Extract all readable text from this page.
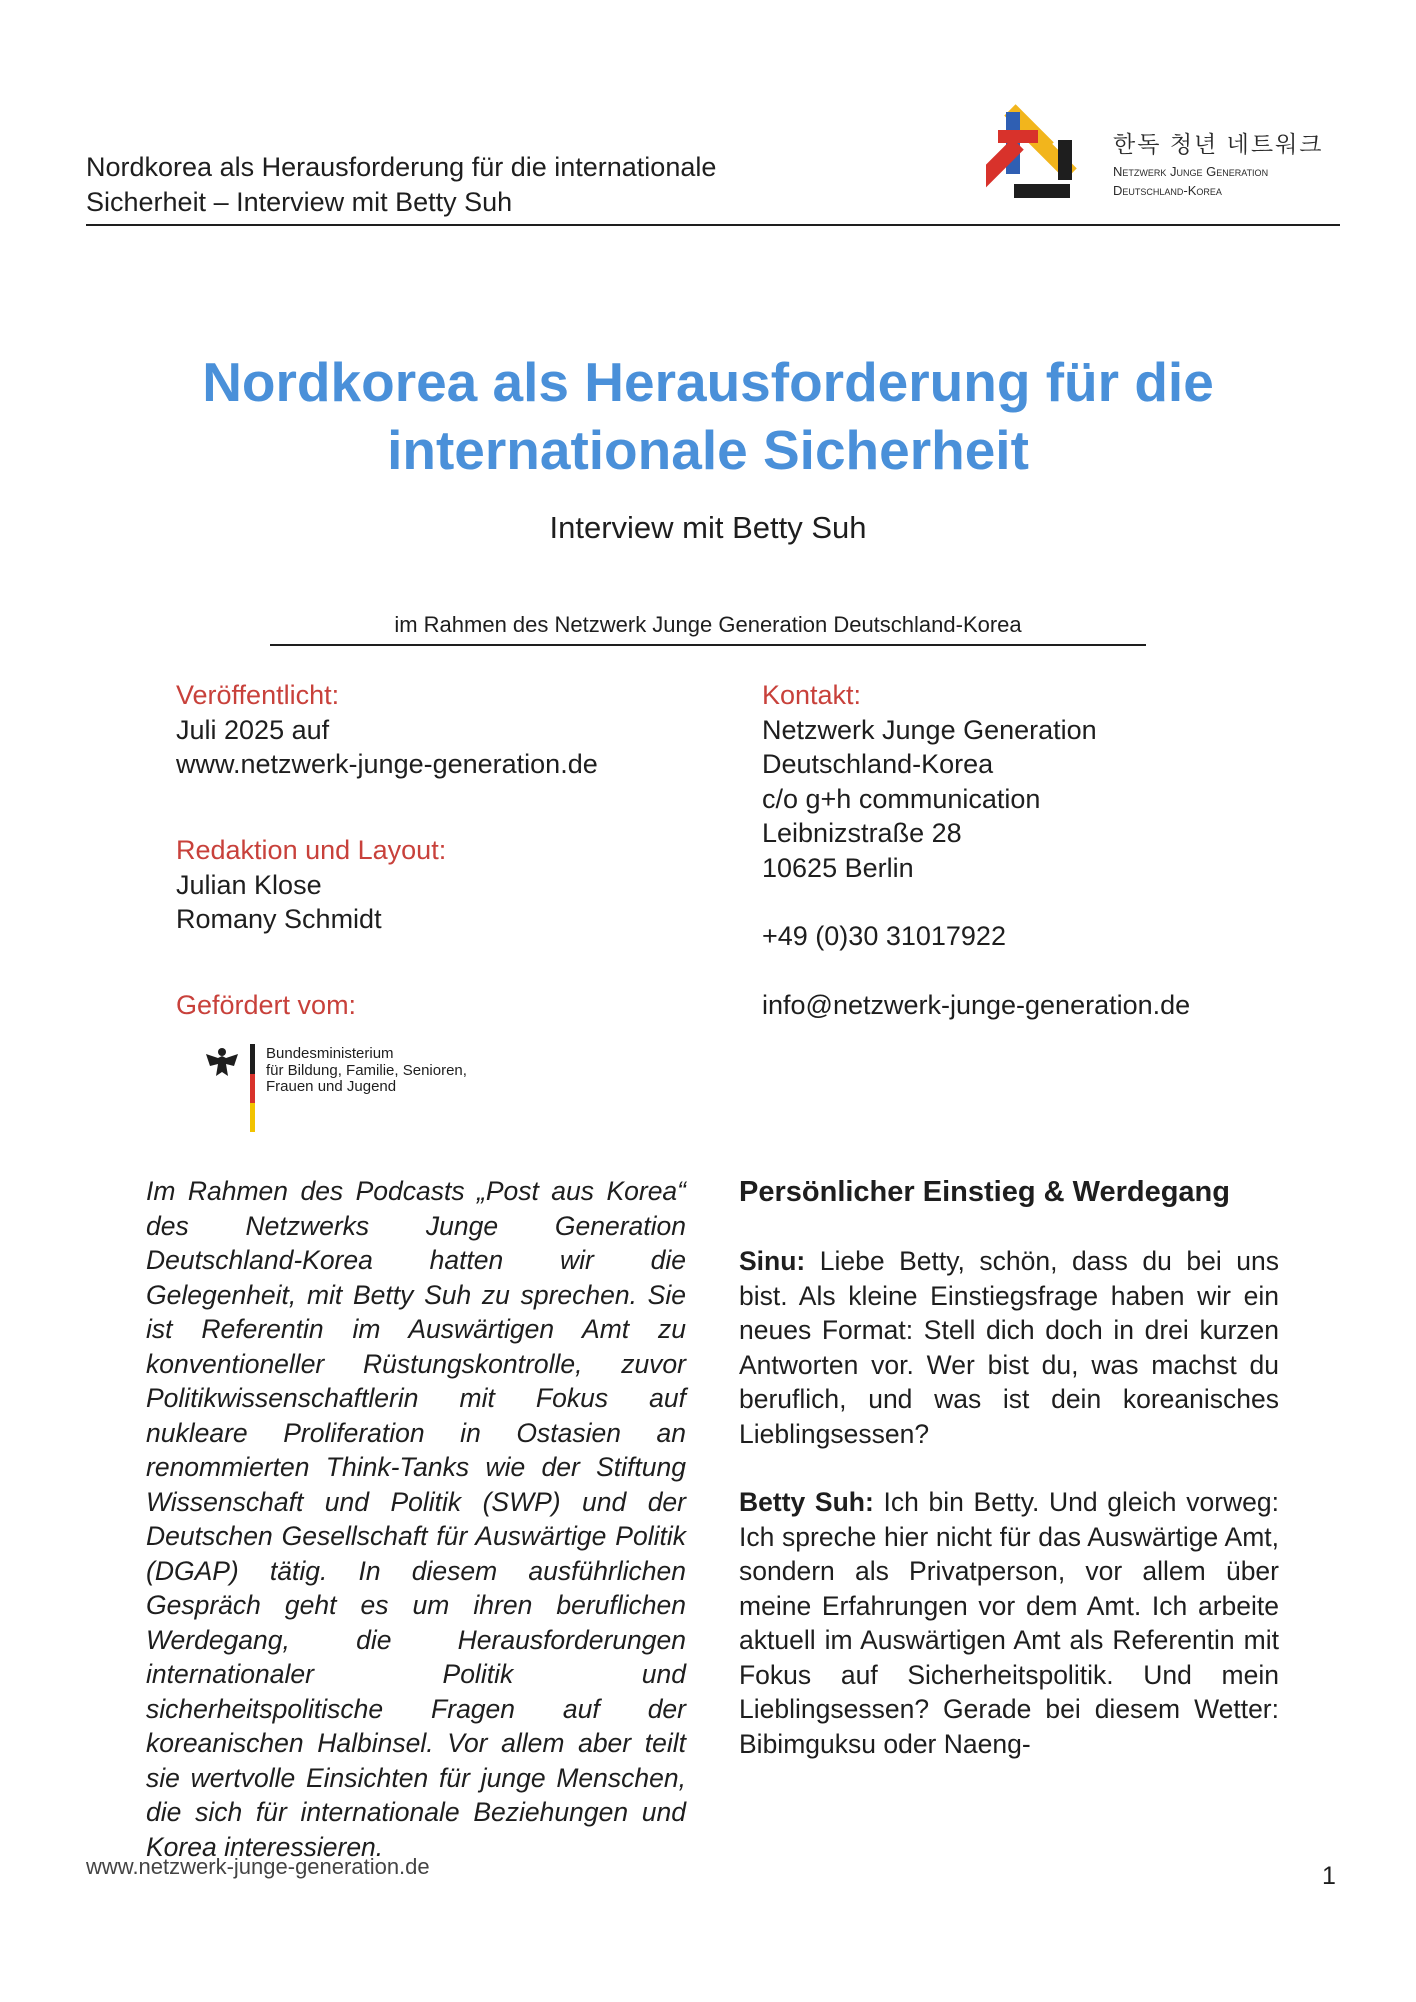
Nordkorea als Herausforderung für die internationale
Sicherheit – Interview mit Betty Suh
한독 청년 네트워크
Netzwerk Junge Generation
Deutschland-Korea
Nordkorea als Herausforderung für die
internationale Sicherheit
Interview mit Betty Suh
im Rahmen des Netzwerk Junge Generation Deutschland-Korea
Veröffentlicht:
Juli 2025 auf
www.netzwerk-junge-generation.de
Redaktion und Layout:
Julian Klose
Romany Schmidt
Gefördert vom:
Bundesministerium
für Bildung, Familie, Senioren,
Frauen und Jugend
Kontakt:
Netzwerk Junge Generation
Deutschland-Korea
c/o g+h communication
Leibnizstraße 28
10625 Berlin
+49 (0)30 31017922
info@netzwerk-junge-generation.de
Im Rahmen des Podcasts „Post aus Korea“ des Netzwerks Junge Generation Deutschland-Korea hatten wir die Gelegenheit, mit Betty Suh zu sprechen. Sie ist Referentin im Auswärtigen Amt zu konventioneller Rüstungskontrolle, zuvor Politikwissenschaftlerin mit Fokus auf nukleare Proliferation in Ostasien an renommierten Think-Tanks wie der Stiftung Wissenschaft und Politik (SWP) und der Deutschen Gesellschaft für Auswärtige Politik (DGAP) tätig. In diesem ausführlichen Gespräch geht es um ihren beruflichen Werdegang, die Herausforderungen internationaler Politik und sicherheitspolitische Fragen auf der koreanischen Halbinsel. Vor allem aber teilt sie wertvolle Einsichten für junge Menschen, die sich für internationale Beziehungen und Korea interessieren.
Persönlicher Einstieg & Werdegang
Sinu: Liebe Betty, schön, dass du bei uns bist. Als kleine Einstiegsfrage haben wir ein neues Format: Stell dich doch in drei kurzen Antworten vor. Wer bist du, was machst du beruflich, und was ist dein koreanisches Lieblingsessen?
Betty Suh: Ich bin Betty. Und gleich vorweg: Ich spreche hier nicht für das Auswärtige Amt, sondern als Privatperson, vor allem über meine Erfahrungen vor dem Amt. Ich arbeite aktuell im Auswärtigen Amt als Referentin mit Fokus auf Sicherheitspolitik. Und mein Lieblingsessen? Gerade bei diesem Wetter: Bibimguksu oder Naeng-
www.netzwerk-junge-generation.de	1
